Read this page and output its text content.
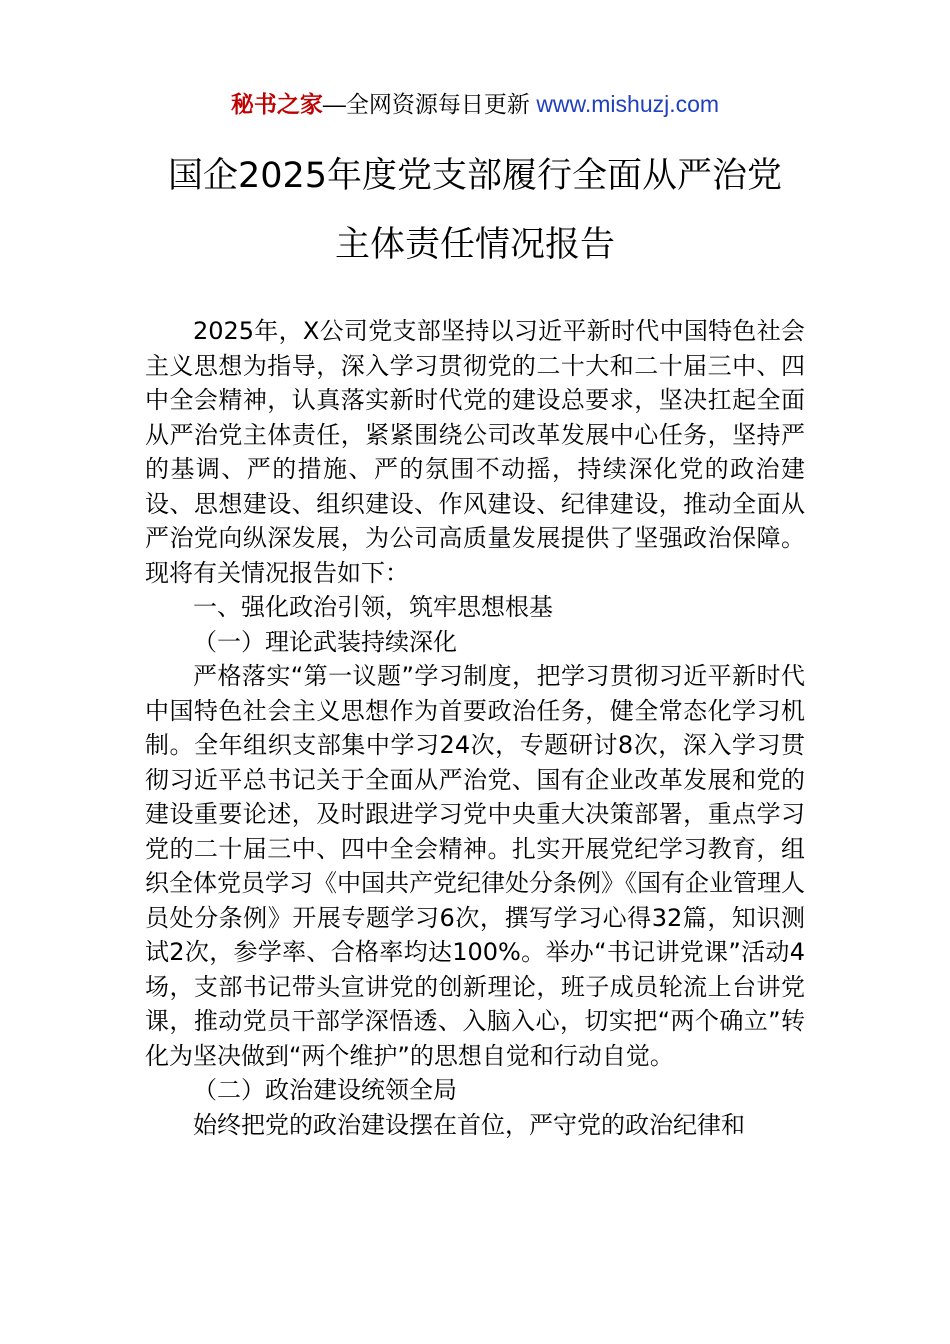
秘书之家—全网资源每日更新 www.mishuzj.com
国企2025年度党支部履行全面从严治党
主体责任情况报告

2025年，X公司党支部坚持以习近平新时代中国特色社会主义思想为指导，深入学习贯彻党的二十大和二十届三中、四中全会精神，认真落实新时代党的建设总要求，坚决扛起全面从严治党主体责任，紧紧围绕公司改革发展中心任务，坚持严的基调、严的措施、严的氛围不动摇，持续深化党的政治建设、思想建设、组织建设、作风建设、纪律建设，推动全面从严治党向纵深发展，为公司高质量发展提供了坚强政治保障。现将有关情况报告如下：

一、强化政治引领，筑牢思想根基

（一）理论武装持续深化

严格落实“第一议题”学习制度，把学习贯彻习近平新时代中国特色社会主义思想作为首要政治任务，健全常态化学习机制。全年组织支部集中学习24次，专题研讨8次，深入学习贯彻习近平总书记关于全面从严治党、国有企业改革发展和党的建设重要论述，及时跟进学习党中央重大决策部署，重点学习党的二十届三中、四中全会精神。扎实开展党纪学习教育，组织全体党员学习《中国共产党纪律处分条例》《国有企业管理人员处分条例》开展专题学习6次，撰写学习心得32篇，知识测试2次，参学率、合格率均达100%。举办“书记讲党课”活动4场，支部书记带头宣讲党的创新理论，班子成员轮流上台讲党课，推动党员干部学深悟透、入脑入心，切实把“两个确立”转化为坚决做到“两个维护”的思想自觉和行动自觉。

（二）政治建设统领全局

始终把党的政治建设摆在首位，严守党的政治纪律和
